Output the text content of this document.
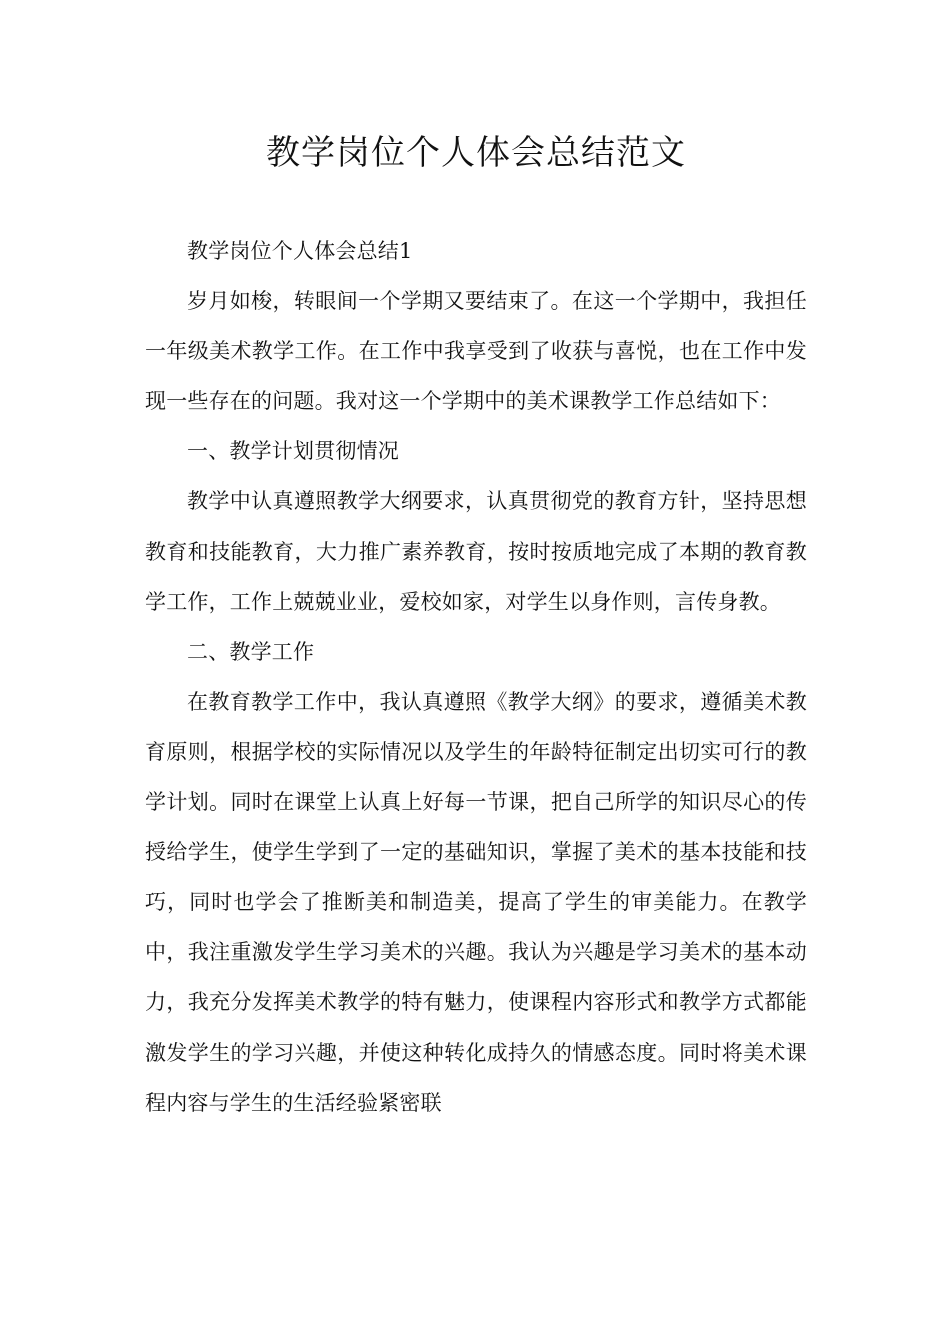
教学岗位个人体会总结范文

教学岗位个人体会总结1

岁月如梭，转眼间一个学期又要结束了。在这一个学期中，我担任一年级美术教学工作。在工作中我享受到了收获与喜悦，也在工作中发现一些存在的问题。我对这一个学期中的美术课教学工作总结如下：

一、教学计划贯彻情况

教学中认真遵照教学大纲要求，认真贯彻党的教育方针，坚持思想教育和技能教育，大力推广素养教育，按时按质地完成了本期的教育教学工作，工作上兢兢业业，爱校如家，对学生以身作则，言传身教。

二、教学工作

在教育教学工作中，我认真遵照《教学大纲》的要求，遵循美术教育原则，根据学校的实际情况以及学生的年龄特征制定出切实可行的教学计划。同时在课堂上认真上好每一节课，把自己所学的知识尽心的传授给学生，使学生学到了一定的基础知识，掌握了美术的基本技能和技巧，同时也学会了推断美和制造美，提高了学生的审美能力。在教学中，我注重激发学生学习美术的兴趣。我认为兴趣是学习美术的基本动力，我充分发挥美术教学的特有魅力，使课程内容形式和教学方式都能激发学生的学习兴趣，并使这种转化成持久的情感态度。同时将美术课程内容与学生的生活经验紧密联
